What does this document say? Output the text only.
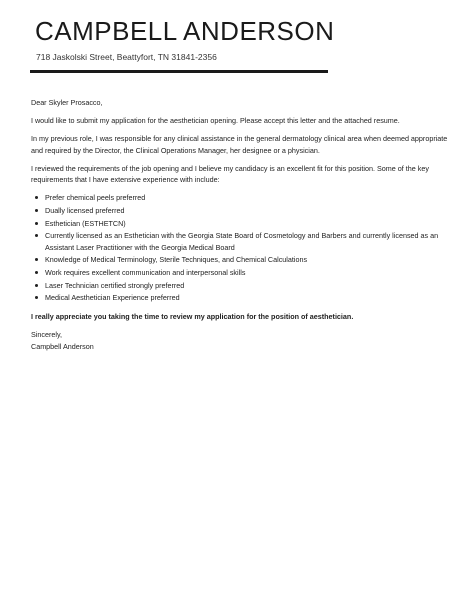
CAMPBELL ANDERSON
718 Jaskolski Street, Beattyfort, TN 31841-2356

Dear Skyler Prosacco,

I would like to submit my application for the aesthetician opening. Please accept this letter and the attached resume.

In my previous role, I was responsible for any clinical assistance in the general dermatology clinical area when deemed appropriate and required by the Director, the Clinical Operations Manager, her designee or a physician.

I reviewed the requirements of the job opening and I believe my candidacy is an excellent fit for this position. Some of the key requirements that I have extensive experience with include:

Prefer chemical peels preferred
Dually licensed preferred
Esthetician (ESTHETCN)
Currently licensed as an Esthetician with the Georgia State Board of Cosmetology and Barbers and currently licensed as an Assistant Laser Practitioner with the Georgia Medical Board
Knowledge of Medical Terminology, Sterile Techniques, and Chemical Calculations
Work requires excellent communication and interpersonal skills
Laser Technician certified strongly preferred
Medical Aesthetician Experience preferred

I really appreciate you taking the time to review my application for the position of aesthetician.

Sincerely,

Campbell Anderson
